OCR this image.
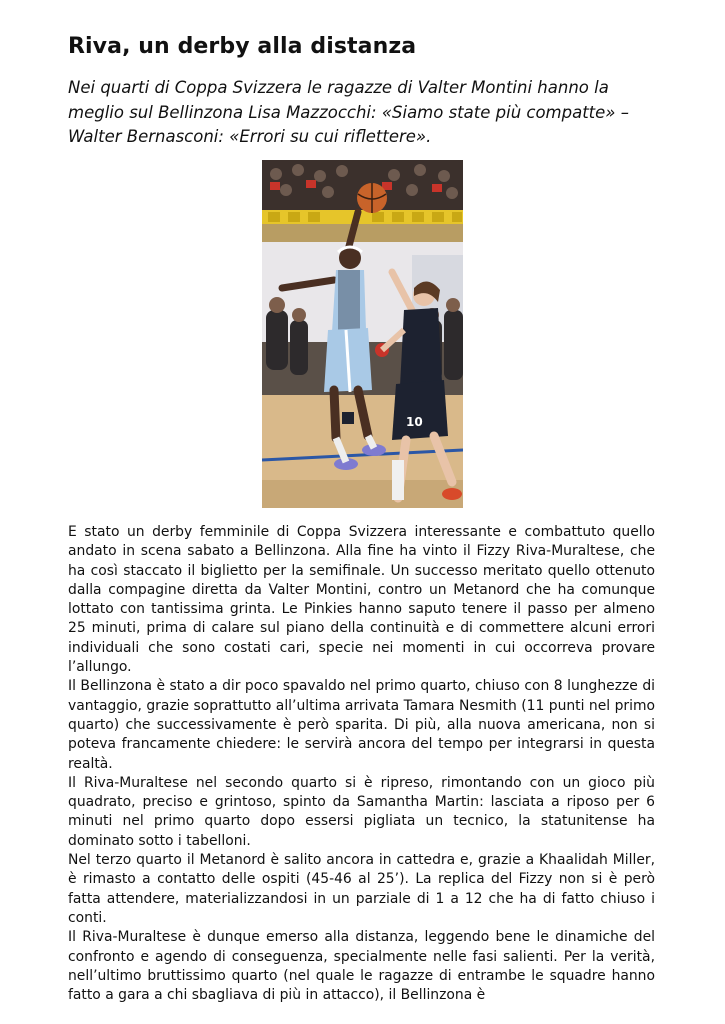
Riva, un derby alla distanza

Nei quarti di Coppa Svizzera le ragazze di Valter Montini hanno la meglio sul Bellinzona Lisa Mazzocchi: «Siamo state più compatte» – Walter Bernasconi: «Errori su cui riflettere».

10

E stato un derby femminile di Coppa Svizzera interessante e combattuto quello andato in scena sabato a Bellinzona. Alla fine ha vinto il Fizzy Riva-Muraltese, che ha così staccato il biglietto per la semifinale. Un successo meritato quello ottenuto dalla compagine diretta da Valter Montini, contro un Metanord che ha comunque lottato con tantissima grinta. Le Pinkies hanno saputo tenere il passo per almeno 25 minuti, prima di calare sul piano della continuità e di commettere alcuni errori individuali che sono costati cari, specie nei momenti in cui occorreva provare l’allungo.

Il Bellinzona è stato a dir poco spavaldo nel primo quarto, chiuso con 8 lunghezze di vantaggio, grazie soprattutto all’ultima arrivata Tamara Nesmith (11 punti nel primo quarto) che successivamente è però sparita. Di più, alla nuova americana, non si poteva francamente chiedere: le servirà ancora del tempo per integrarsi in questa realtà.

Il Riva-Muraltese nel secondo quarto si è ripreso, rimontando con un gioco più quadrato, preciso e grintoso, spinto da Samantha Martin: lasciata a riposo per 6 minuti nel primo quarto dopo essersi pigliata un tecnico, la statunitense ha dominato sotto i tabelloni.

Nel terzo quarto il Metanord è salito ancora in cattedra e, grazie a Khaalidah Miller, è rimasto a contatto delle ospiti (45-46 al 25’). La replica del Fizzy non si è però fatta attendere, materializzandosi in un parziale di 1 a 12 che ha di fatto chiuso i conti.

Il Riva-Muraltese è dunque emerso alla distanza, leggendo bene le dinamiche del confronto e agendo di conseguenza, specialmente nelle fasi salienti. Per la verità, nell’ultimo bruttissimo quarto (nel quale le ragazze di entrambe le squadre hanno fatto a gara a chi sbagliava di più in attacco), il Bellinzona è
